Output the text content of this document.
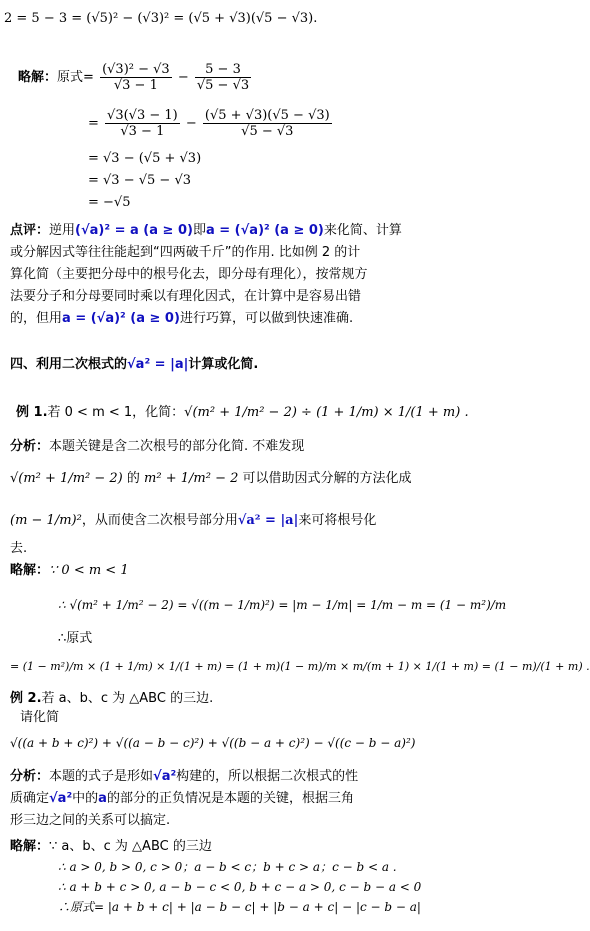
2 = 5 − 3 = (√5)² − (√3)² = (√5 + √3)(√5 − √3).
略解：原式= $\frac{\text{(√3)² − √3}}{√3 - 1} - \frac{5 - 3}{√5 - √3}$
= $\frac{√3(√3 - 1)}{√3 - 1} - \frac{(√5 + √3)(√5 - √3)}{√5 - √3}$
= √3 − (√5 + √3)
= √3 − √5 − √3
= −√5
点评：逆用(√a)² = a (a ≥ 0)即a = (√a)² (a ≥ 0)来化简、计算
或分解因式等往往能起到“四两破千斤”的作用. 比如例 2 的计
算化简（主要把分母中的根号化去，即分母有理化），按常规方
法要分子和分母要同时乘以有理化因式，在计算中是容易出错
的，但用a = (√a)² (a ≥ 0)进行巧算，可以做到快速准确.
四、利用二次根式的√a² = |a|计算或化简.
例 1.若 0 < m < 1，化简：√(m² + 1/m² − 2) ÷ (1 + 1/m) × 1/(1 + m) .
分析：本题关键是含二次根号的部分化简. 不难发现
√(m² + 1/m² − 2) 的 m² + 1/m² − 2 可以借助因式分解的方法化成
(m − 1/m)²，从而使含二次根号部分用√a² = |a|来可将根号化
去.
略解：∵ 0 < m < 1
∴ √(m² + 1/m² − 2) = √((m − 1/m)²) = |m − 1/m| = 1/m − m = (1 − m²)/m
∴原式
= (1 − m²)/m × (1 + 1/m) × 1/(1 + m) = (1 + m)(1 − m)/m × m/(m + 1) × 1/(1 + m) = (1 − m)/(1 + m) .
例 2.若 a、b、c 为 △ABC 的三边.
请化简
√((a + b + c)²) + √((a − b − c)²) + √((b − a + c)²) − √((c − b − a)²)
分析：本题的式子是形如√a²构建的，所以根据二次根式的性
质确定√a²中的a的部分的正负情况是本题的关键，根据三角
形三边之间的关系可以搞定.
略解：∵ a、b、c 为 △ABC 的三边
∴ a > 0, b > 0, c > 0；a − b < c；b + c > a；c − b < a .
∴ a + b + c > 0, a − b − c < 0, b + c − a > 0, c − b − a < 0
∴原式= |a + b + c| + |a − b − c| + |b − a + c| − |c − b − a|
